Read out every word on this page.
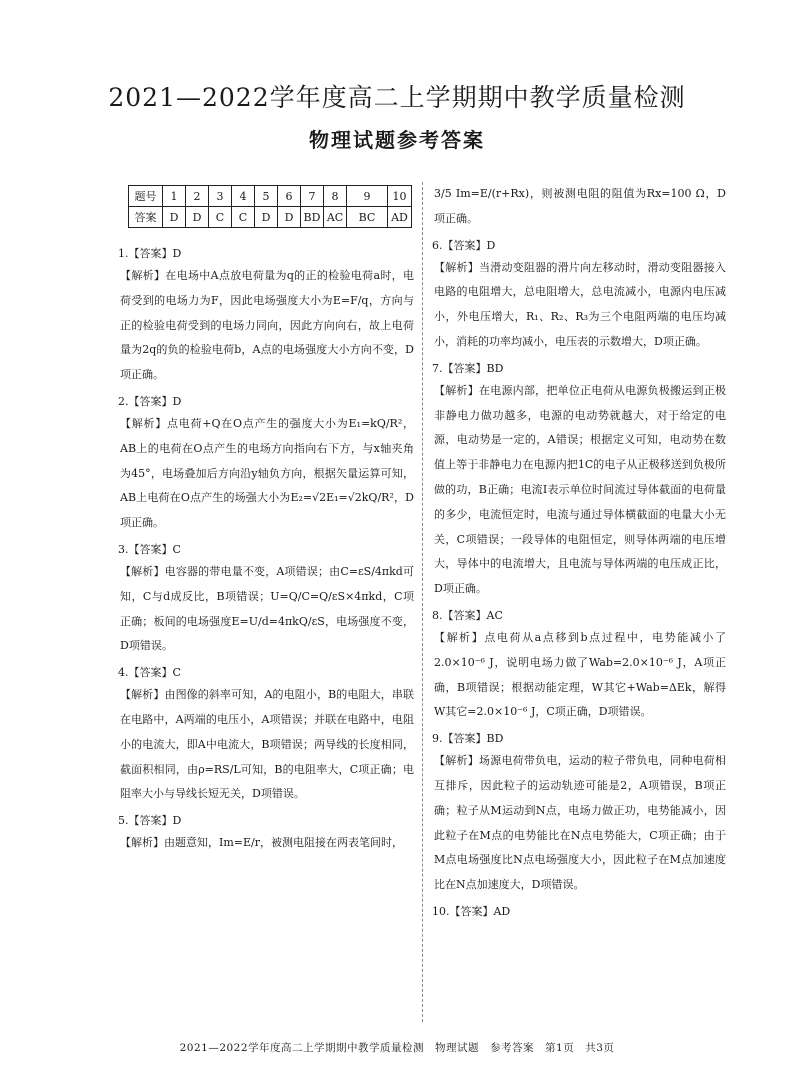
2021—2022学年度高二上学期期中教学质量检测
物理试题参考答案
题号	1	2	3	4	5	6	7	8	9	10
答案	D	D	C	C	D	D	BD	AC	BC	AD
1.【答案】D
【解析】在电场中A点放电荷量为q的正的检验电荷a时，电荷受到的电场力为F，因此电场强度大小为E=F/q，方向与正的检验电荷受到的电场力同向，因此方向向右，故上电荷量为2q的负的检验电荷b，A点的电场强度大小方向不变，D项正确。
2.【答案】D
【解析】点电荷+Q在O点产生的强度大小为E₁=kQ/R²，AB上的电荷在O点产生的电场方向指向右下方，与x轴夹角为45°，电场叠加后方向沿y轴负方向，根据矢量运算可知，AB上电荷在O点产生的场强大小为E₂=√2E₁=√2kQ/R²，D项正确。
3.【答案】C
【解析】电容器的带电量不变，A项错误；由C=εS/4πkd可知，C与d成反比，B项错误；U=Q/C=Q/εS×4πkd，C项正确；板间的电场强度E=U/d=4πkQ/εS，电场强度不变，D项错误。
4.【答案】C
【解析】由图像的斜率可知，A的电阻小，B的电阻大，串联在电路中，A两端的电压小，A项错误；并联在电路中，电阻小的电流大，即A中电流大，B项错误；两导线的长度相同，截面积相同，由ρ=RS/L可知，B的电阻率大，C项正确；电阻率大小与导线长短无关，D项错误。
5.【答案】D
【解析】由题意知，Im=E/r，被测电阻接在两表笔间时，
3/5 Im=E/(r+Rx)，则被测电阻的阻值为Rx=100 Ω，D项正确。
6.【答案】D
【解析】当滑动变阻器的滑片向左移动时，滑动变阻器接入电路的电阻增大，总电阻增大，总电流减小，电源内电压减小，外电压增大，R₁、R₂、R₃为三个电阻两端的电压均减小，消耗的功率均减小，电压表的示数增大，D项正确。
7.【答案】BD
【解析】在电源内部，把单位正电荷从电源负极搬运到正极非静电力做功越多，电源的电动势就越大，对于给定的电源，电动势是一定的，A错误；根据定义可知，电动势在数值上等于非静电力在电源内把1C的电子从正极移送到负极所做的功，B正确；电流I表示单位时间流过导体截面的电荷量的多少，电流恒定时，电流与通过导体横截面的电量大小无关，C项错误；一段导体的电阻恒定，则导体两端的电压增大，导体中的电流增大，且电流与导体两端的电压成正比，D项正确。
8.【答案】AC
【解析】点电荷从a点移到b点过程中，电势能减小了2.0×10⁻⁶ J，说明电场力做了Wab=2.0×10⁻⁶ J，A项正确，B项错误；根据动能定理，W其它+Wab=ΔEk，解得W其它=2.0×10⁻⁶ J，C项正确，D项错误。
9.【答案】BD
【解析】场源电荷带负电，运动的粒子带负电，同种电荷相互排斥，因此粒子的运动轨迹可能是2，A项错误，B项正确；粒子从M运动到N点，电场力做正功，电势能减小，因此粒子在M点的电势能比在N点电势能大，C项正确；由于M点电场强度比N点电场强度大小，因此粒子在M点加速度比在N点加速度大，D项错误。
10.【答案】AD
2021—2022学年度高二上学期期中教学质量检测　物理试题　参考答案　第1页　共3页
